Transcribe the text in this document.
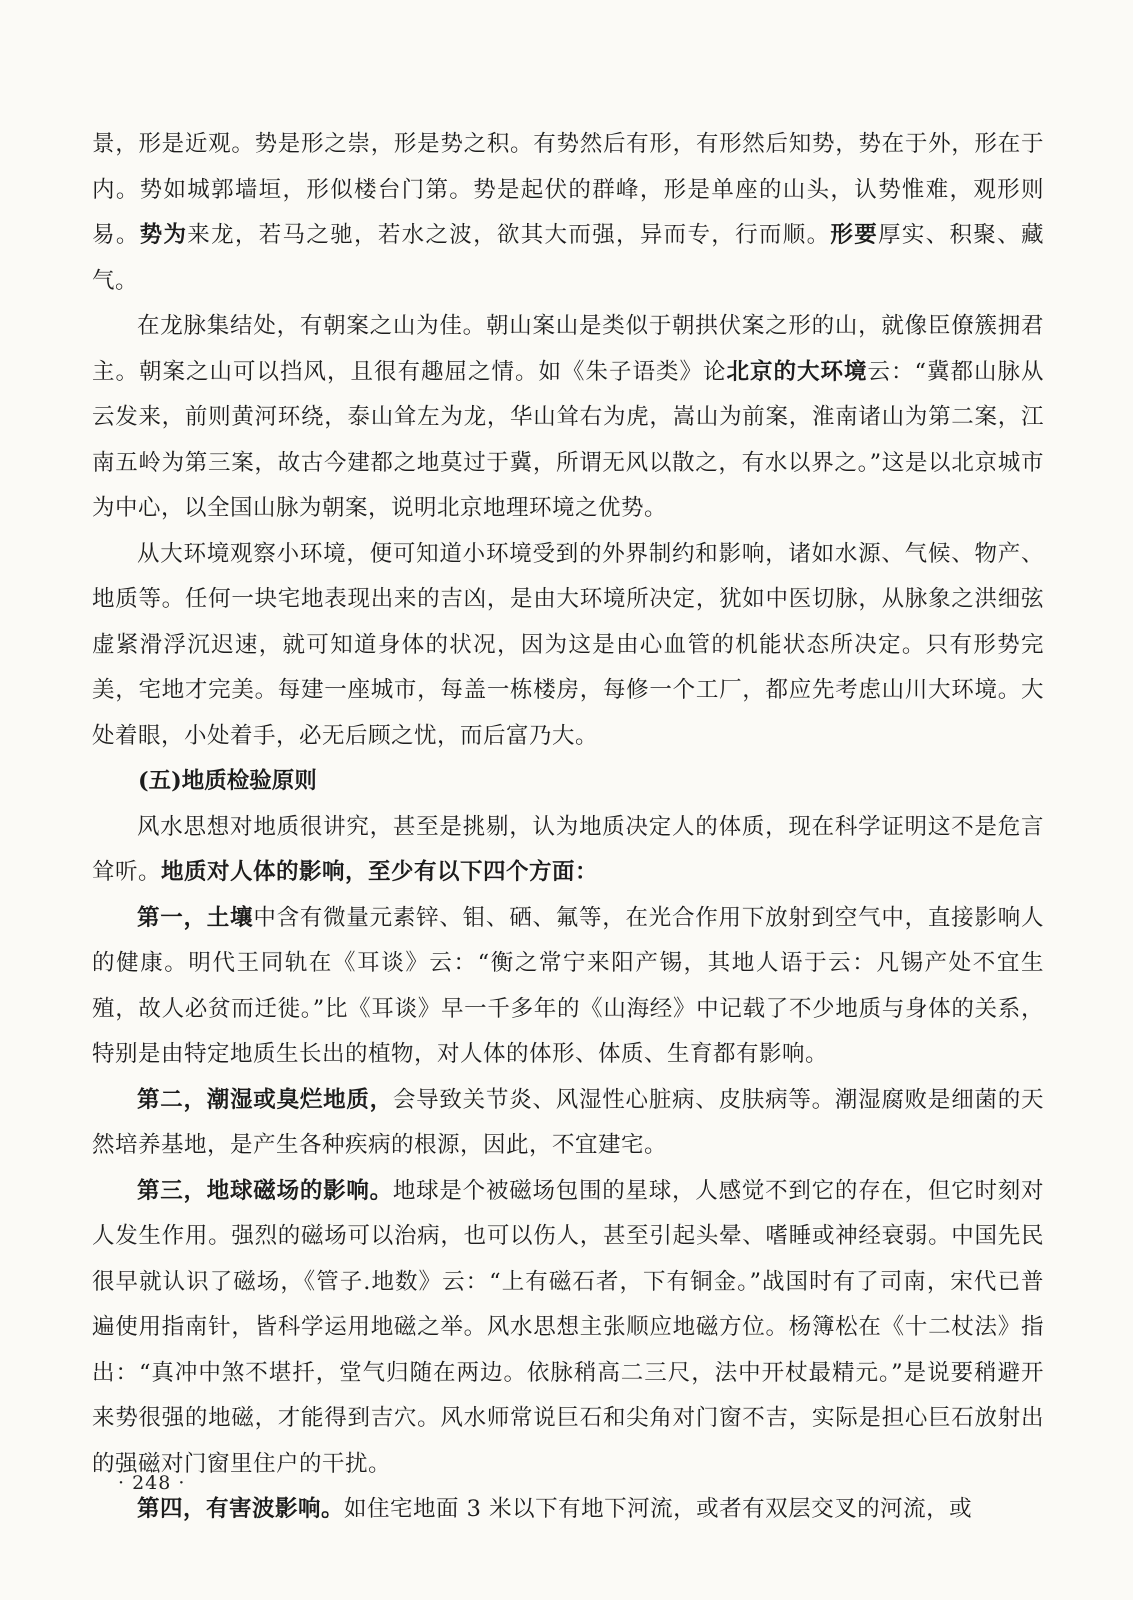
景，形是近观。势是形之崇，形是势之积。有势然后有形，有形然后知势，势在于外，形在于内。势如城郭墙垣，形似楼台门第。势是起伏的群峰，形是单座的山头，认势惟难，观形则易。势为来龙，若马之驰，若水之波，欲其大而强，异而专，行而顺。形要厚实、积聚、藏气。

在龙脉集结处，有朝案之山为佳。朝山案山是类似于朝拱伏案之形的山，就像臣僚簇拥君主。朝案之山可以挡风，且很有趣屈之情。如《朱子语类》论北京的大环境云：“冀都山脉从云发来，前则黄河环绕，泰山耸左为龙，华山耸右为虎，嵩山为前案，淮南诸山为第二案，江南五岭为第三案，故古今建都之地莫过于冀，所谓无风以散之，有水以界之。”这是以北京城市为中心，以全国山脉为朝案，说明北京地理环境之优势。

从大环境观察小环境，便可知道小环境受到的外界制约和影响，诸如水源、气候、物产、地质等。任何一块宅地表现出来的吉凶，是由大环境所决定，犹如中医切脉，从脉象之洪细弦虚紧滑浮沉迟速，就可知道身体的状况，因为这是由心血管的机能状态所决定。只有形势完美，宅地才完美。每建一座城市，每盖一栋楼房，每修一个工厂，都应先考虑山川大环境。大处着眼，小处着手，必无后顾之忧，而后富乃大。

(五)地质检验原则

风水思想对地质很讲究，甚至是挑剔，认为地质决定人的体质，现在科学证明这不是危言耸听。地质对人体的影响，至少有以下四个方面：

第一，土壤中含有微量元素锌、钼、硒、氟等，在光合作用下放射到空气中，直接影响人的健康。明代王同轨在《耳谈》云：“衡之常宁来阳产锡，其地人语于云：凡锡产处不宜生殖，故人必贫而迁徙。”比《耳谈》早一千多年的《山海经》中记载了不少地质与身体的关系，特别是由特定地质生长出的植物，对人体的体形、体质、生育都有影响。

第二，潮湿或臭烂地质，会导致关节炎、风湿性心脏病、皮肤病等。潮湿腐败是细菌的天然培养基地，是产生各种疾病的根源，因此，不宜建宅。

第三，地球磁场的影响。地球是个被磁场包围的星球，人感觉不到它的存在，但它时刻对人发生作用。强烈的磁场可以治病，也可以伤人，甚至引起头晕、嗜睡或神经衰弱。中国先民很早就认识了磁场，《管子.地数》云：“上有磁石者，下有铜金。”战国时有了司南，宋代已普遍使用指南针，皆科学运用地磁之举。风水思想主张顺应地磁方位。杨簿松在《十二杖法》指出：“真冲中煞不堪扦，堂气归随在两边。依脉稍高二三尺，法中开杖最精元。”是说要稍避开来势很强的地磁，才能得到吉穴。风水师常说巨石和尖角对门窗不吉，实际是担心巨石放射出的强磁对门窗里住户的干扰。

第四，有害波影响。如住宅地面 3 米以下有地下河流，或者有双层交叉的河流，或

· 248 ·
